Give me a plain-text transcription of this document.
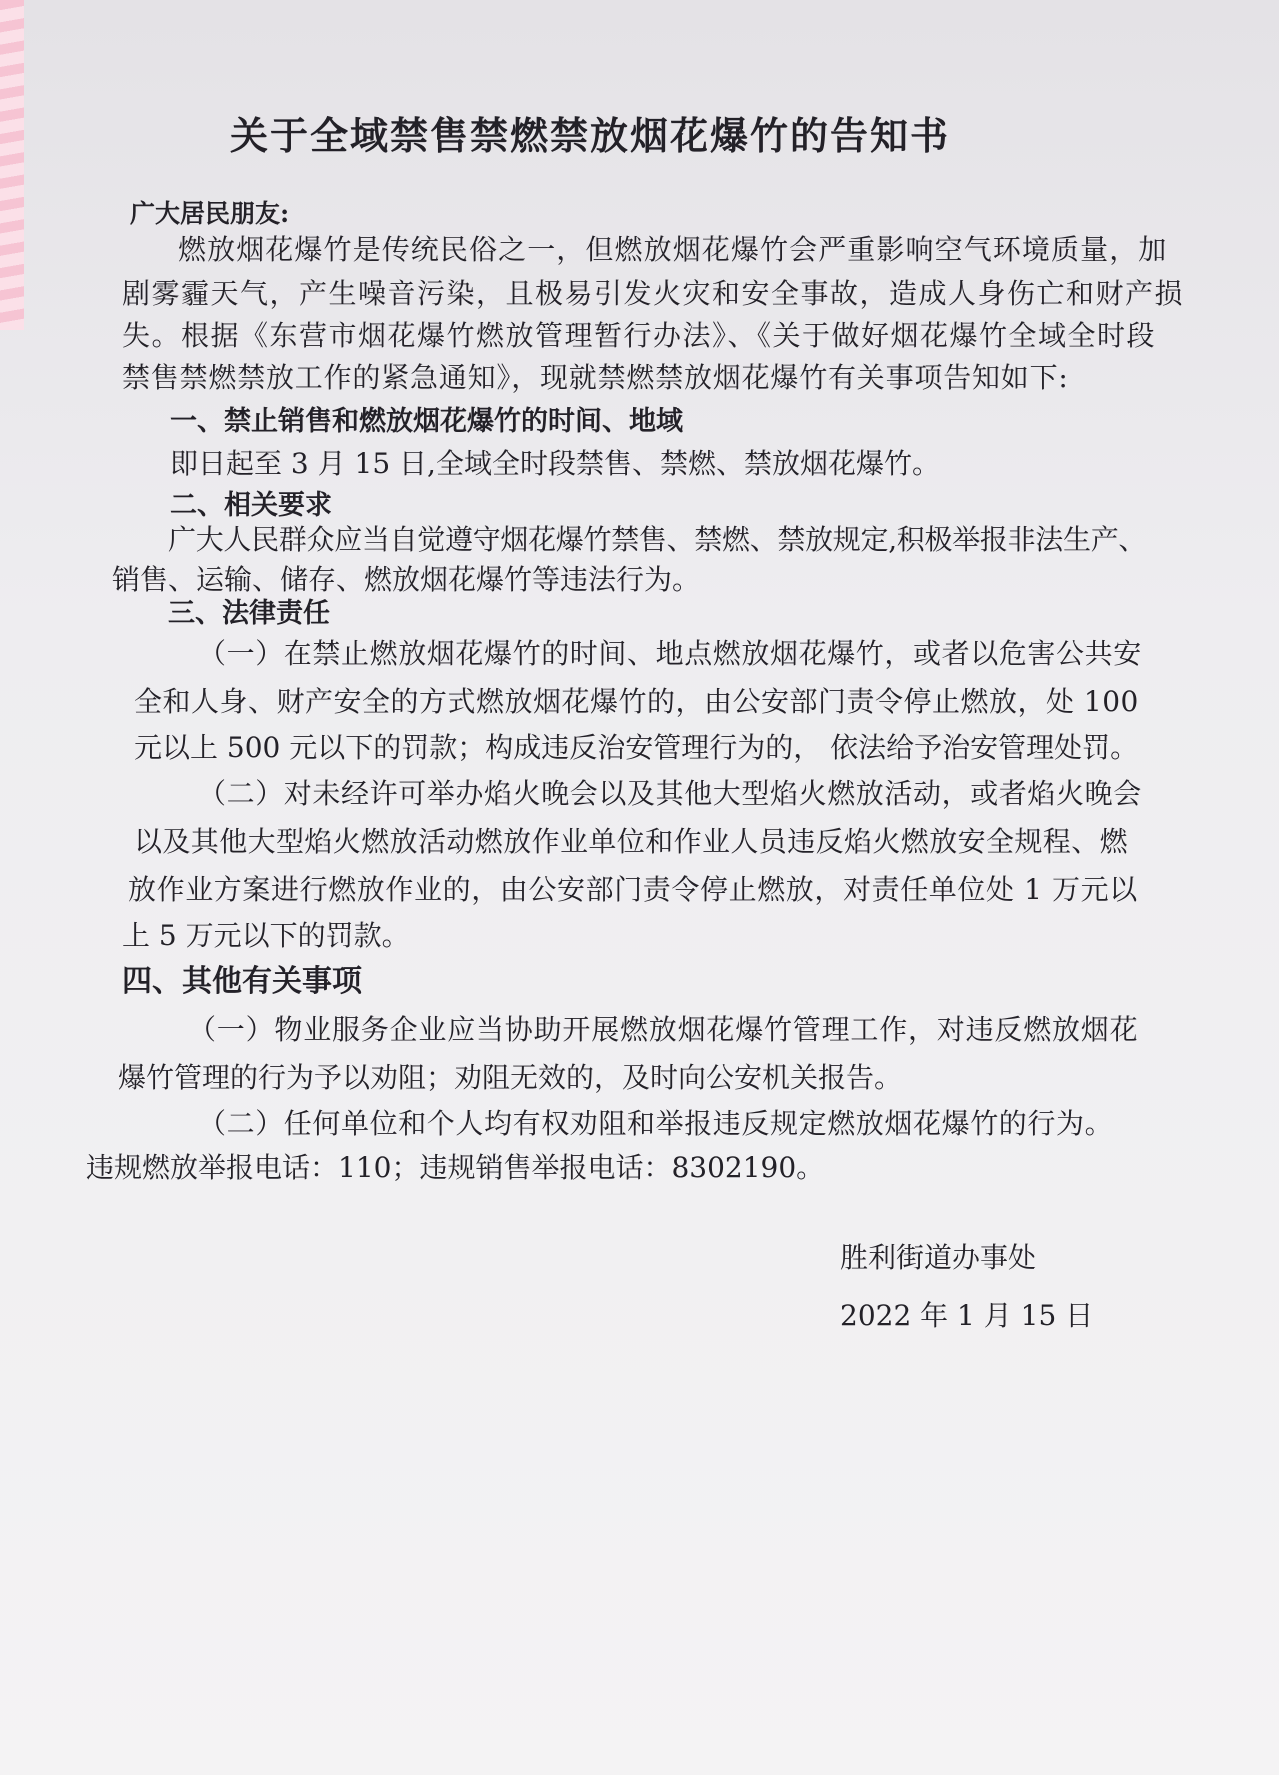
关于全域禁售禁燃禁放烟花爆竹的告知书
广大居民朋友:
燃放烟花爆竹是传统民俗之一，但燃放烟花爆竹会严重影响空气环境质量，加
剧雾霾天气，产生噪音污染，且极易引发火灾和安全事故，造成人身伤亡和财产损
失。根据《东营市烟花爆竹燃放管理暂行办法》、《关于做好烟花爆竹全域全时段
禁售禁燃禁放工作的紧急通知》，现就禁燃禁放烟花爆竹有关事项告知如下:
一、禁止销售和燃放烟花爆竹的时间、地域
即日起至 3 月 15 日,全域全时段禁售、禁燃、禁放烟花爆竹。
二、相关要求
广大人民群众应当自觉遵守烟花爆竹禁售、禁燃、禁放规定,积极举报非法生产、
销售、运输、储存、燃放烟花爆竹等违法行为。
三、法律责任
（一）在禁止燃放烟花爆竹的时间、地点燃放烟花爆竹，或者以危害公共安
全和人身、财产安全的方式燃放烟花爆竹的，由公安部门责令停止燃放，处 100
元以上 500 元以下的罚款；构成违反治安管理行为的， 依法给予治安管理处罚。
（二）对未经许可举办焰火晚会以及其他大型焰火燃放活动，或者焰火晚会
以及其他大型焰火燃放活动燃放作业单位和作业人员违反焰火燃放安全规程、燃
放作业方案进行燃放作业的，由公安部门责令停止燃放，对责任单位处 1 万元以
上 5 万元以下的罚款。
四、其他有关事项
（一）物业服务企业应当协助开展燃放烟花爆竹管理工作，对违反燃放烟花
爆竹管理的行为予以劝阻；劝阻无效的，及时向公安机关报告。
（二）任何单位和个人均有权劝阻和举报违反规定燃放烟花爆竹的行为。
违规燃放举报电话：110；违规销售举报电话：8302190。
胜利街道办事处
2022 年 1 月 15 日
